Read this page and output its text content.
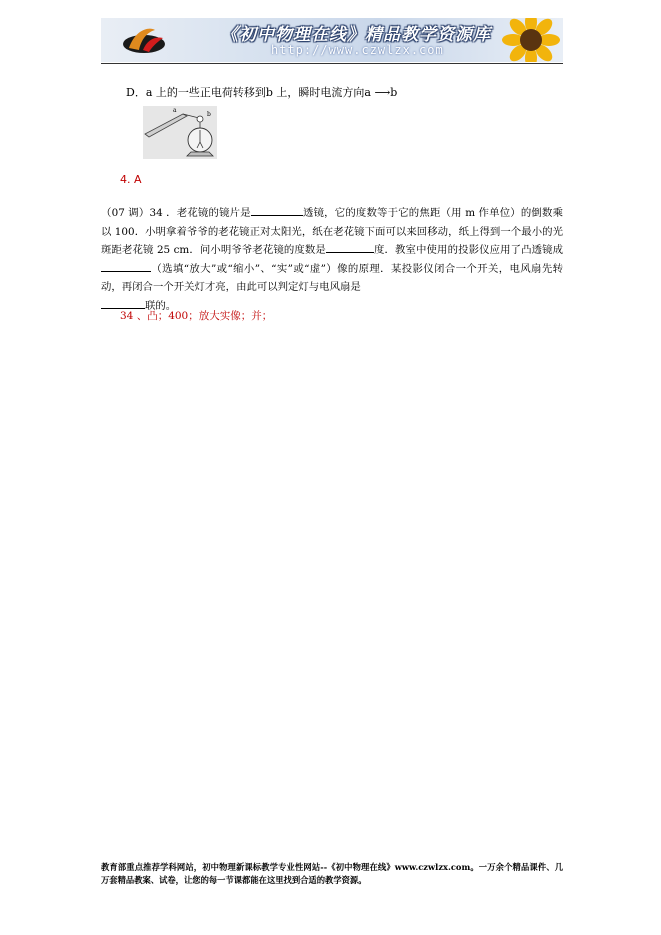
《初中物理在线》精品教学资源库
http://www.czwlzx.com
D．a 上的一些正电荷转移到b 上，瞬时电流方向a ⟶b
a
b
4. A
（07 调）34 ．老花镜的镜片是	透镜，它的度数等于它的焦距（用 m 作单位）的倒数乘以 100．小明拿着爷爷的老花镜正对太阳光，纸在老花镜下面可以来回移动，纸上得到一个最小的光斑距老花镜 25 cm．问小明爷爷老花镜的度数是	度．教室中使用的投影仪应用了凸透镜成（选填“放大”或“缩小”、“实”或“虚”）像的原理．某投影仪闭合一个开关，电风扇先转动，再闭合一个开关灯才亮，由此可以判定灯与电风扇是
联的。
34 、凸；400；放大实像；并；
教育部重点推荐学科网站，初中物理新课标教学专业性网站--《初中物理在线》www.czwlzx.com。一万余个精品课件、几万套精品教案、试卷，让您的每一节课都能在这里找到合适的教学资源。
